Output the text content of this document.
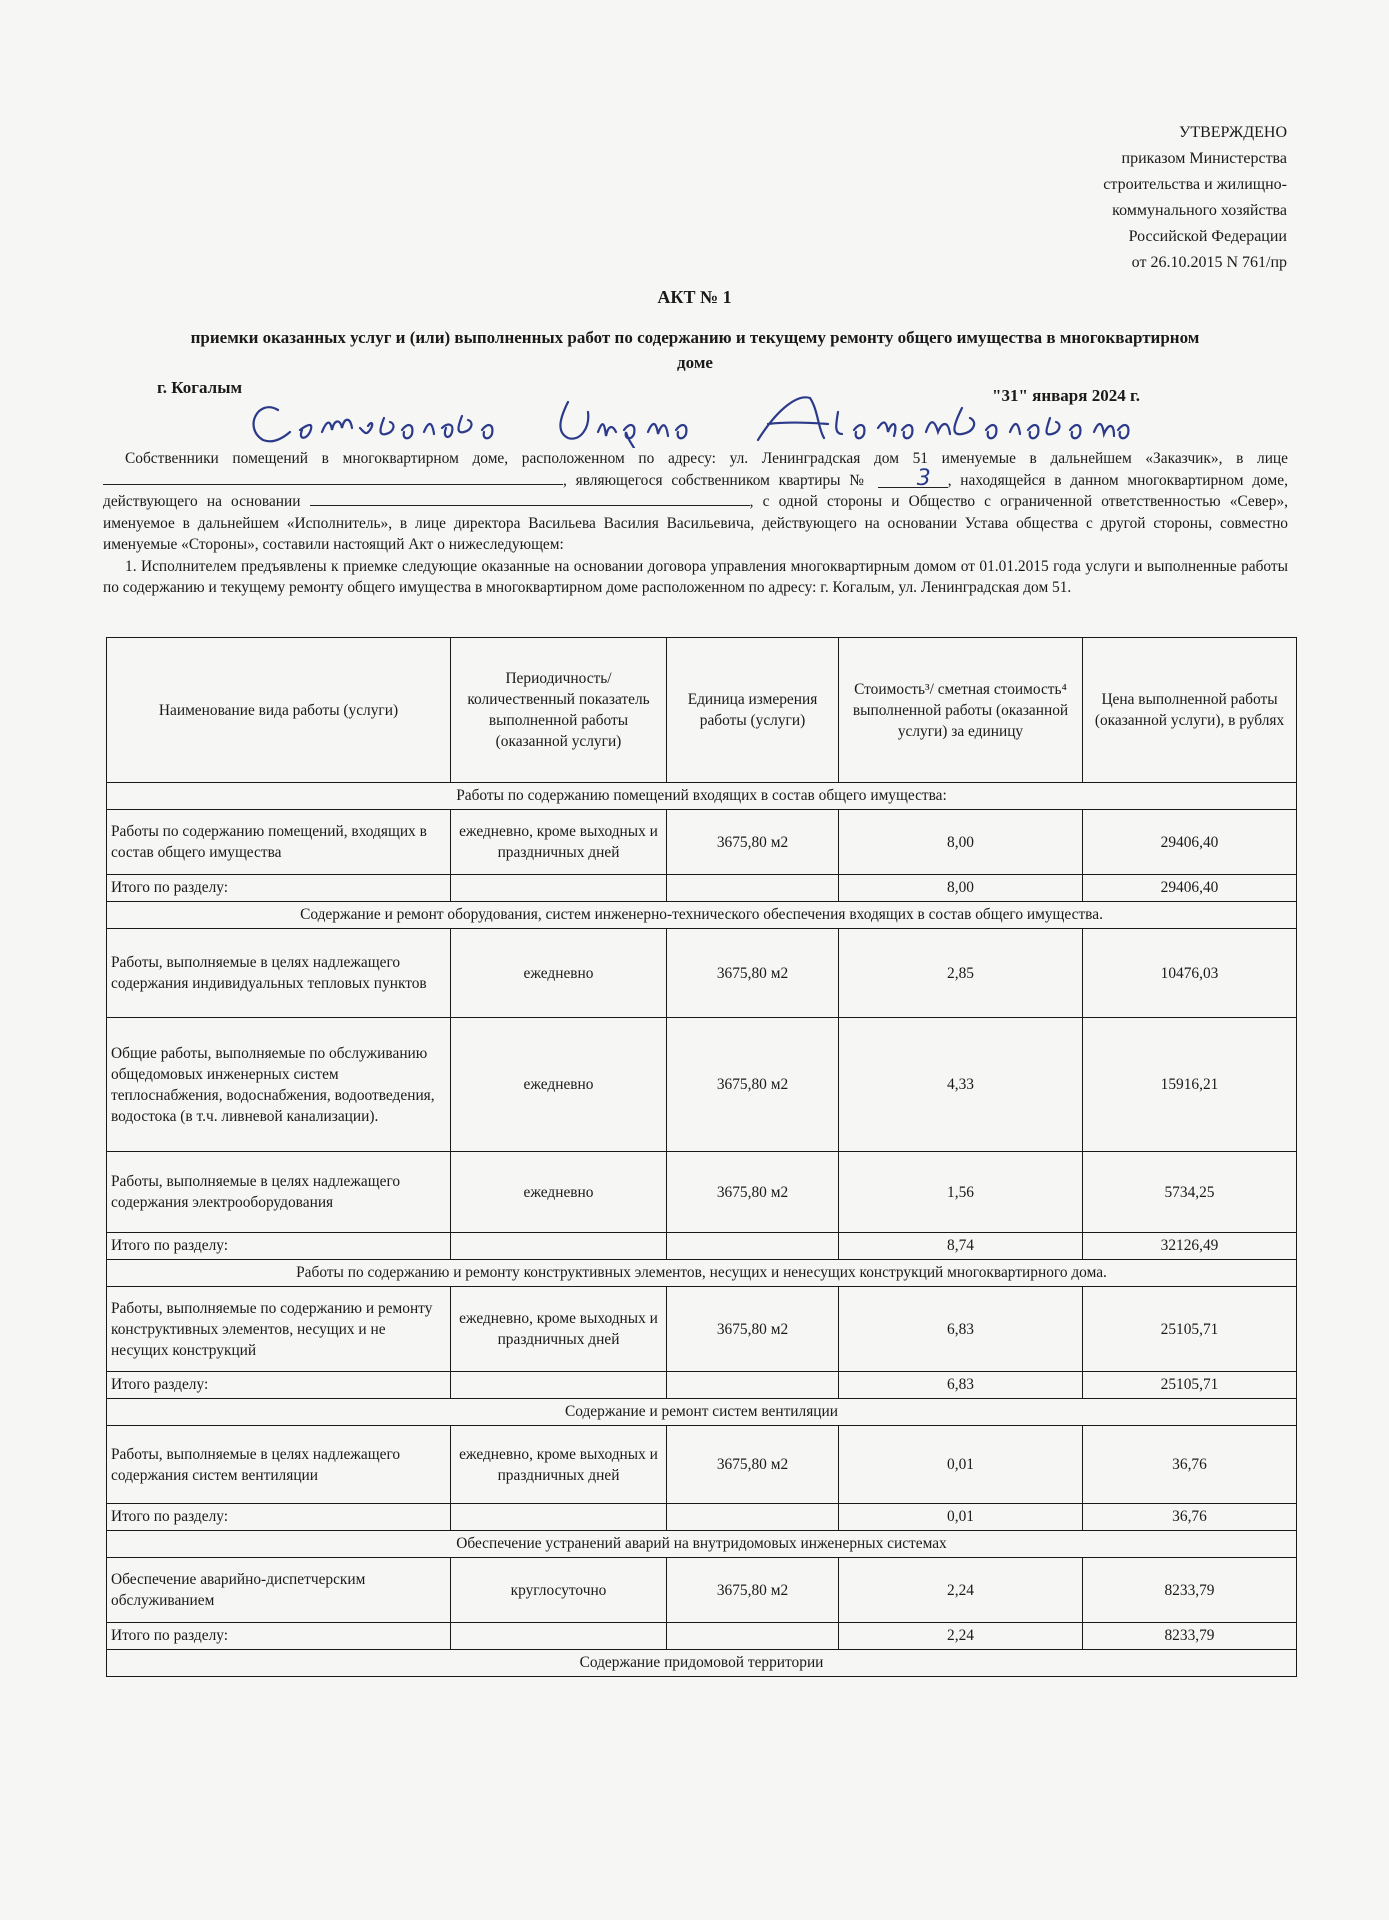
УТВЕРЖДЕНО
приказом Министерства
строительства и жилищно-
коммунального хозяйства
Российской Федерации
от 26.10.2015 N 761/пр
АКТ № 1
приемки оказанных услуг и (или) выполненных работ по содержанию и текущему ремонту общего имущества в многоквартирном доме
г. Когалым	"31" января 2024 г.

Собственники помещений в многоквартирном доме, расположенном по адресу: ул. Ленинградская дом 51 именуемые в дальнейшем «Заказчик», в лице , являющегося собственником квартиры № 3 , находящейся в данном многоквартирном доме, действующего на основании	, с одной стороны и Общество с ограниченной ответственностью «Север», именуемое в дальнейшем «Исполнитель», в лице директора Васильева Василия Васильевича, действующего на основании Устава общества с другой стороны, совместно именуемые «Стороны», составили настоящий Акт о нижеследующем:

1. Исполнителем предъявлены к приемке следующие оказанные на основании договора управления многоквартирным домом от 01.01.2015 года услуги и выполненные работы по содержанию и текущему ремонту общего имущества в многоквартирном доме расположенном по адресу: г. Когалым, ул. Ленинградская дом 51.

Наименование вида работы (услуги)	Периодичность/ количественный показатель выполненной работы (оказанной услуги)	Единица измерения работы (услуги)	Стоимость³/ сметная стоимость⁴ выполненной работы (оказанной услуги) за единицу	Цена выполненной работы (оказанной услуги), в рублях
Работы по содержанию помещений входящих в состав общего имущества:				
Работы по содержанию помещений, входящих в состав общего имущества	ежедневно, кроме выходных и праздничных дней	3675,80 м2	8,00	29406,40
Итого по разделу:			8,00	29406,40
Содержание и ремонт оборудования, систем инженерно-технического обеспечения входящих в состав общего имущества.				
Работы, выполняемые в целях надлежащего содержания индивидуальных тепловых пунктов	ежедневно	3675,80 м2	2,85	10476,03
Общие работы, выполняемые по обслуживанию общедомовых инженерных систем теплоснабжения, водоснабжения, водоотведения, водостока (в т.ч. ливневой канализации).	ежедневно	3675,80 м2	4,33	15916,21
Работы, выполняемые в целях надлежащего содержания электрооборудования	ежедневно	3675,80 м2	1,56	5734,25
Итого по разделу:			8,74	32126,49
Работы по содержанию и ремонту конструктивных элементов, несущих и ненесущих конструкций многоквартирного дома.				
Работы, выполняемые по содержанию и ремонту конструктивных элементов, несущих и не несущих конструкций	ежедневно, кроме выходных и праздничных дней	3675,80 м2	6,83	25105,71
Итого разделу:			6,83	25105,71
Содержание и ремонт систем вентиляции				
Работы, выполняемые в целях надлежащего содержания систем вентиляции	ежедневно, кроме выходных и праздничных дней	3675,80 м2	0,01	36,76
Итого по разделу:			0,01	36,76
Обеспечение устранений аварий на внутридомовых инженерных системах				
Обеспечение аварийно-диспетчерским обслуживанием	круглосуточно	3675,80 м2	2,24	8233,79
Итого по разделу:			2,24	8233,79
Содержание придомовой территории				
